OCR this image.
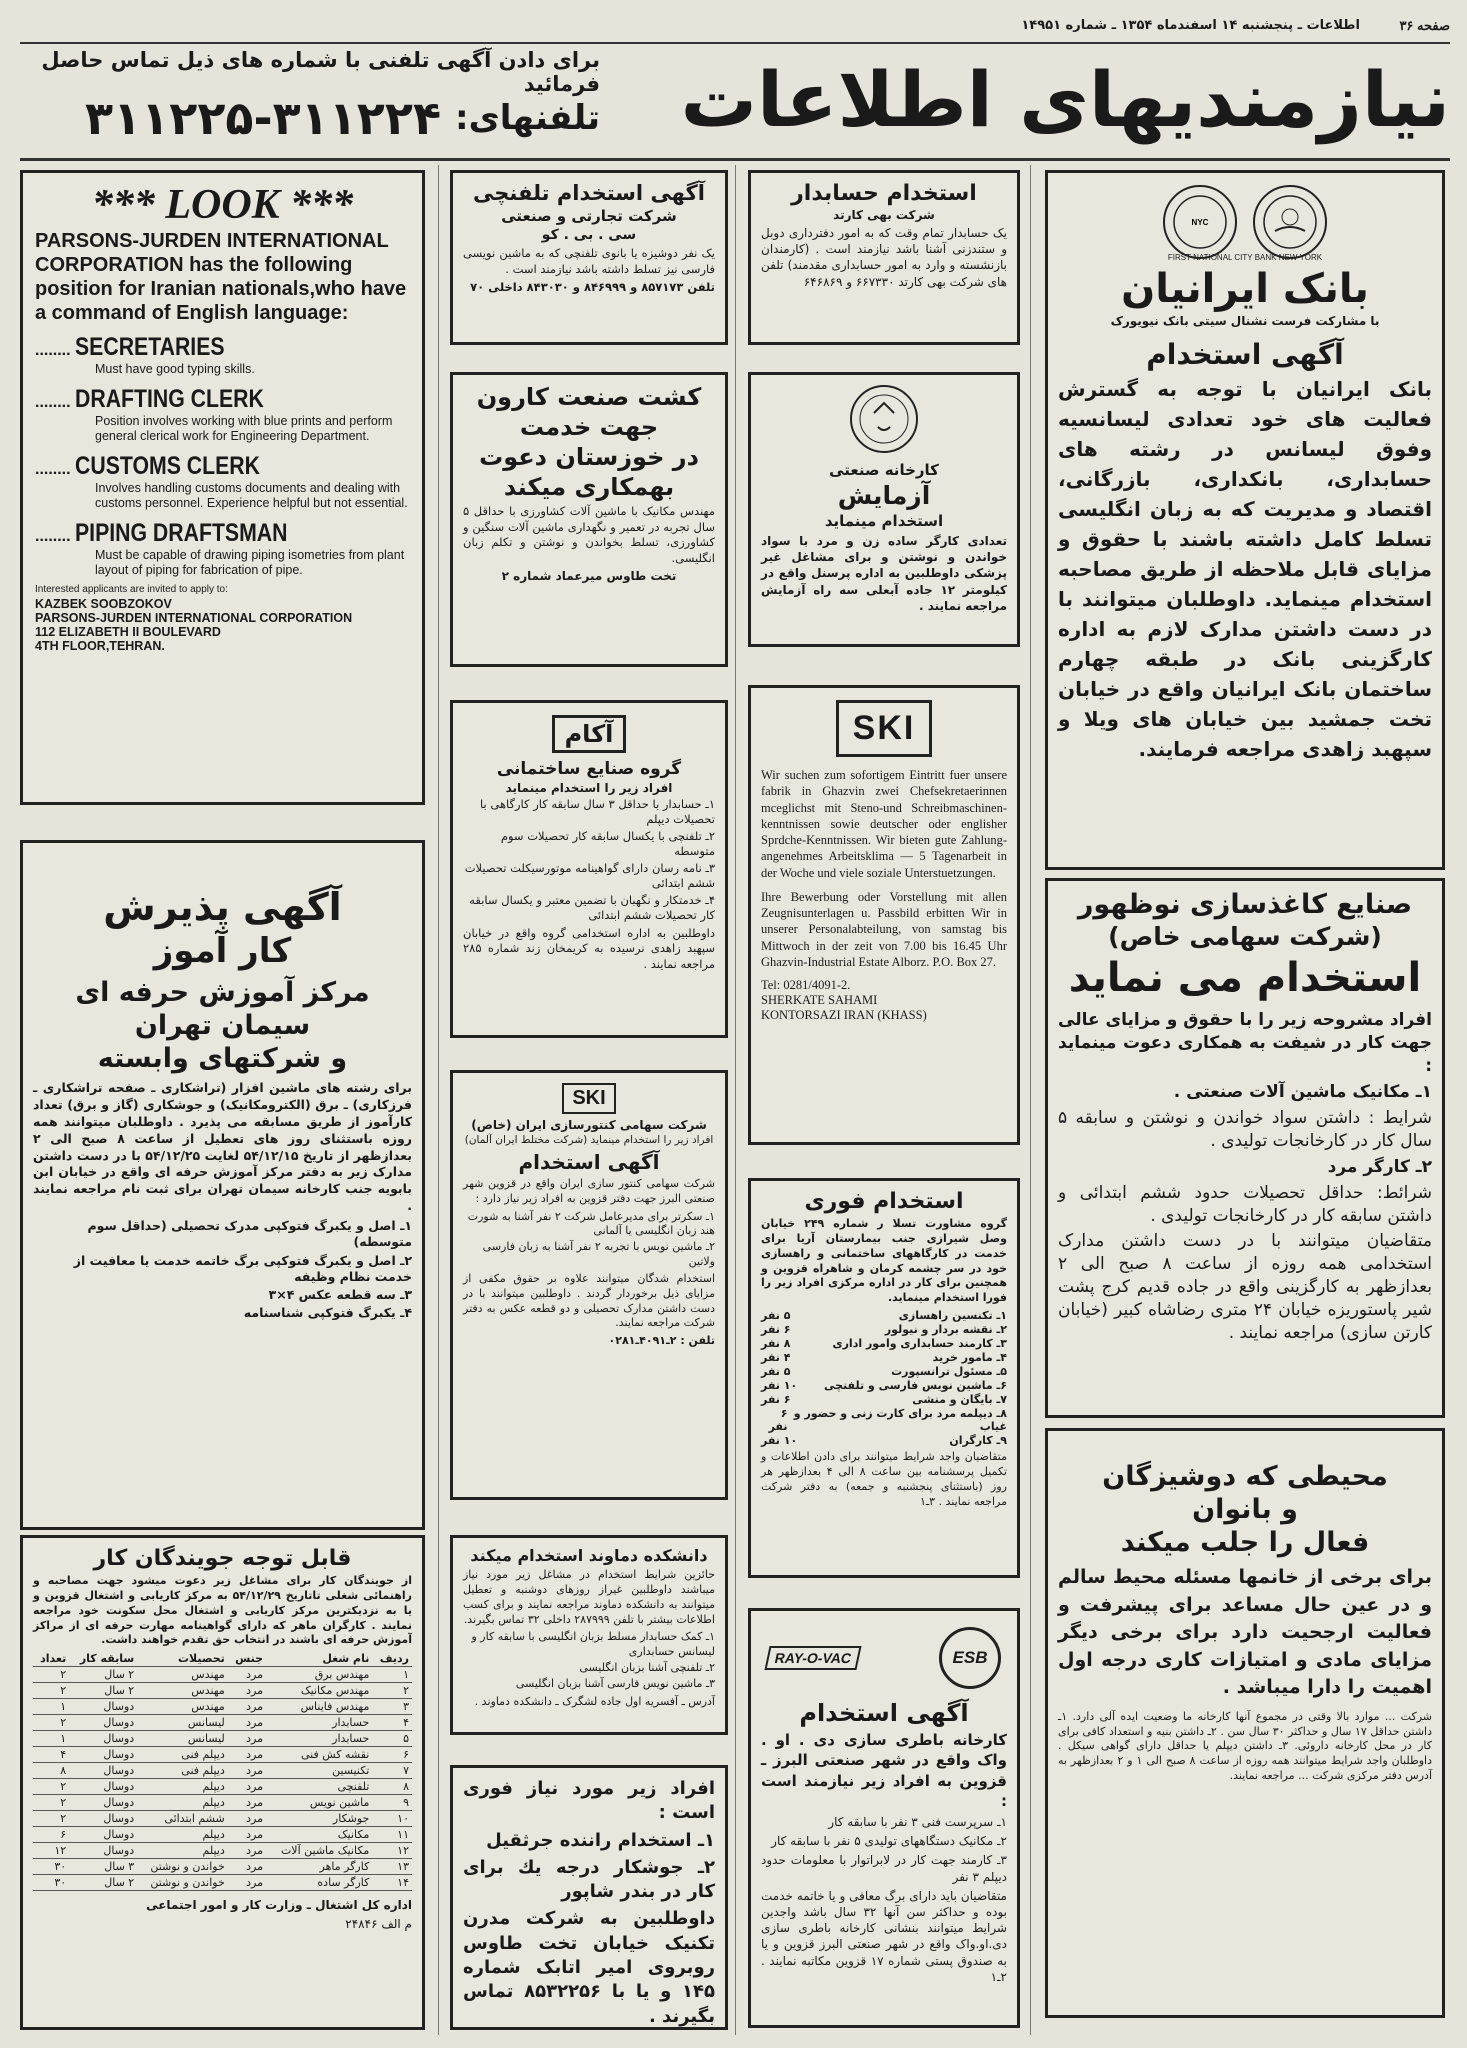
صفحه ۳۶
اطلاعات ـ پنجشنبه ۱۴ اسفندماه ۱۳۵۴ ـ شماره ۱۴۹۵۱
نیازمندیهای اطلاعات
برای دادن آگهی تلفنی با شماره های ذیل تماس حاصل فرمائید
تلفنهای:
۳۱۱۲۲۵-۳۱۱۲۲۴
NYC
FIRST NATIONAL CITY BANK NEW YORK
بانک ایرانیان
با مشارکت فرست نشنال سیتی بانک نیویورک
آگهی استخدام
بانک ایرانیان با توجه به گسترش فعالیت های خود تعدادی لیسانسیه وفوق لیسانس در رشته های حسابداری، بانکداری، بازرگانی، اقتصاد و مدیریت که به زبان انگلیسی تسلط کامل داشته باشند با حقوق و مزایای قابل ملاحظه از طریق مصاحبه استخدام مینماید. داوطلبان میتوانند با در دست داشتن مدارک لازم به اداره کارگزینی بانک در طبقه چهارم ساختمان بانک ایرانیان واقع در خیابان تخت جمشید بین خیابان های ویلا و سپهبد زاهدی مراجعه فرمایند.
صنایع کاغذسازی نوظهور
(شرکت سهامی خاص)
استخدام می نماید
افراد مشروحه زیر را با حقوق و مزایای عالی جهت کار در شیفت به همکاری دعوت مینماید :
۱ـ مکانیک ماشین آلات صنعتی .
شرایط : داشتن سواد خواندن و نوشتن و سابقه ۵ سال کار در کارخانجات تولیدی .
۲ـ کارگر مرد
شرائط: حداقل تحصیلات حدود ششم ابتدائی و داشتن سابقه کار در کارخانجات تولیدی .
متقاضیان میتوانند با در دست داشتن مدارک استخدامی همه روزه از ساعت ۸ صبح الی ۲ بعدازظهر به کارگزینی واقع در جاده قدیم کرج پشت شیر پاستوریزه خیابان ۲۴ متری رضاشاه کبیر (خیابان کارتن سازی) مراجعه نمایند .
محیطی که دوشیزگان
و بانوان
فعال را جلب میکند
برای برخی از خانمها مسئله محیط سالم و در عین حال مساعد برای پیشرفت و فعالیت ارجحیت دارد برای برخی دیگر مزایای مادی و امتیازات کاری درجه اول اهمیت را دارا میباشد .
شرکت ... موارد بالا وقتی در مجموع آنها کارخانه ما وضعیت ایده آلی دارد. ۱ـ داشتن حداقل ۱۷ سال و حداکثر ۳۰ سال سن . ۲ـ داشتن بنیه و استعداد کافی برای کار در محل کارخانه داروئی. ۳ـ داشتن دیپلم یا حداقل دارای گواهی سیکل . داوطلبان واجد شرایط میتوانند همه روزه از ساعت ۸ صبح الی ۱ و ۲ بعدازظهر به آدرس دفتر مرکزی شرکت ... مراجعه نمایند.
استخدام حسابدار
شرکت بهی کارتد
یک حسابدار تمام وقت که به امور دفترداری دوبل و ستندزنی آشنا باشد نیازمند است . (کارمندان بازنشسته و وارد به امور حسابداری مقدمند) تلفن های شرکت بهی کارتد ۶۶۷۳۳۰ و ۶۴۶۸۶۹
کارخانه صنعتی
آزمایش
استخدام مینماید
تعدادی کارگر ساده زن و مرد با سواد خواندن و نوشتن و برای مشاغل غیر پزشکی داوطلبین به اداره پرسنل واقع در کیلومتر ۱۲ جاده آبعلی سه راه آزمایش مراجعه نمایند .
SKI
Wir suchen zum sofortigem Eintritt fuer unsere fabrik in Ghazvin zwei Chefsekretaerinnen mceglichst mit Steno-und Schreibmaschinen-kenntnissen sowie deutscher oder englisher Sprdche-Kenntnissen. Wir bieten gute Zahlung-angenehmes Arbeitsklima — 5 Tagenarbeit in der Woche und viele soziale Unterstuetzungen.
Ihre Bewerbung oder Vorstellung mit allen Zeugnisunterlagen u. Passbild erbitten Wir in unserer Personalabteilung, von samstag bis Mittwoch in der zeit von 7.00 bis 16.45 Uhr Ghazvin-Industrial Estate Alborz. P.O. Box 27.
Tel: 0281/4091-2.
SHERKATE SAHAMI
KONTORSAZI IRAN (KHASS)
استخدام فوری
گروه مشاورت تسلا ر شماره ۲۴۹ خیابان وصل شیرازی جنب بیمارستان آریا برای خدمت در کارگاههای ساختمانی و راهسازی خود در سر چشمه کرمان و شاهراه قزوین و همچنین برای کار در اداره مرکزی افراد زیر را فورا استخدام مینماید.
۱ـ تکنسین راهسازی
۵ نفر
۲ـ نقشه بردار و نیولور
۶ نفر
۳ـ کارمند حسابداری وامور اداری
۸ نفر
۴ـ مامور خرید
۴ نفر
۵ـ مسئول ترانسپورت
۵ نفر
۶ـ ماشین نویس فارسی و تلفنچی
۱۰ نفر
۷ـ بایگان و منشی
۶ نفر
۸ـ دیپلمه مرد برای کارت زنی و حضور و غیاب
۶ نفر
۹ـ کارگران
۱۰ نفر
متقاضیان واجد شرایط میتوانند برای دادن اطلاعات و تکمیل پرسشنامه بین ساعت ۸ الی ۴ بعدازظهر هر روز (باستثنای پنجشنبه و جمعه) به دفتر شرکت مراجعه نمایند . ۳ـ۱
RAY-O-VAC	ESB
آگهی استخدام
کارخانه باطری سازی دی . او . واک واقع در شهر صنعتی البرز ـ قزوین به افراد زیر نیازمند است :
۱ـ سرپرست فنی ۳ نفر با سابقه کار
۲ـ مکانیک دستگاههای تولیدی ۵ نفر با سابقه کار
۳ـ کارمند جهت کار در لابراتوار با معلومات حدود دیپلم ۳ نفر
متقاضیان باید دارای برگ معافی و یا خاتمه خدمت بوده و حداکثر سن آنها ۳۲ سال باشد واجدین شرایط میتوانند بنشانی کارخانه باطری سازی دی.او.واک واقع در شهر صنعتی البرز قزوین و یا به صندوق پستی شماره ۱۷ قزوین مکاتبه نمایند . ۲ـ۱
آگهی استخدام تلفنچی
شرکت تجارتی و صنعتی
سی . بی . کو
یک نفر دوشیزه یا بانوی تلفنچی که به ماشین نویسی فارسی نیز تسلط داشته باشد نیازمند است .
تلفن ۸۵۷۱۷۳ و ۸۴۶۹۹۹ و ۸۴۳۰۳۰ داخلی ۷۰
کشت صنعت کارون
جهت خدمت
در خوزستان دعوت
بهمکاری میکند
مهندس مکانیک با ماشین آلات کشاورزی با حداقل ۵ سال تجربه در تعمیر و نگهداری ماشین آلات سنگین و کشاورزی، تسلط بخواندن و نوشتن و تکلم زبان انگلیسی.
تخت طاوس میرعماد شماره ۲
آکام
گروه صنایع ساختمانی
افراد زیر را استخدام مینماید
۱ـ حسابدار با حداقل ۳ سال سابقه کار کارگاهی با تحصیلات دیپلم
۲ـ تلفنچی با یکسال سابقه کار تحصیلات سوم متوسطه
۳ـ نامه رسان دارای گواهینامه موتورسیکلت تحصیلات ششم ابتدائی
۴ـ خدمتکار و نگهبان با تضمین معتبر و یکسال سابقه کار تحصیلات ششم ابتدائی
داوطلبین به اداره استخدامی گروه واقع در خیابان سپهبد زاهدی نرسیده به کریمخان زند شماره ۲۸۵ مراجعه نمایند .
SKI
شرکت سهامی کنتورسازی ایران (خاص)
(شرکت مختلط ایران آلمان) افراد زیر را استخدام مینماید
آگهی استخدام
شرکت سهامی کنتور سازی ایران واقع در قزوین شهر صنعتی البرز جهت دفتر قزوین به افراد زیر نیاز دارد :
۱ـ سکرتر برای مدیرعامل شرکت ۲ نفر آشنا به شورت هند زبان انگلیسی یا آلمانی
۲ـ ماشین نویس با تجربه ۲ نفر آشنا به زبان فارسی ولاتین
استخدام شدگان میتوانند علاوه بر حقوق مکفی از مزایای ذیل برخوردار گردند . داوطلبین میتوانند با در دست داشتن مدارک تحصیلی و دو قطعه عکس به دفتر شرکت مراجعه نمایند.
تلفن : ۲ـ۴۰۹۱ـ۰۲۸۱
دانشکده دماوند استخدام میکند
حائزین شرایط استخدام در مشاغل زیر مورد نیاز میباشند داوطلبین غیراز روزهای دوشنبه و تعطیل میتوانند به دانشکده دماوند مراجعه نمایند و برای کسب اطلاعات بیشتر با تلفن ۲۸۷۹۹۹ داخلی ۳۲ تماس بگیرند.
۱ـ کمک حسابدار مسلط بزبان انگلیسی با سابقه کار و لیسانس حسابداری
۲ـ تلفنچی آشنا بزبان انگلیسی
۳ـ ماشین نویس فارسی آشنا بزبان انگلیسی
آدرس ـ آفسریه اول جاده لشگرک ـ دانشکده دماوند .
افراد زیر مورد نیاز فوری است :
۱ـ استخدام راننده جرثقیل
۲ـ جوشکار درجه یك برای کار در بندر شاپور
داوطلبین به شرکت مدرن تکنیک خیابان تخت طاوس روبروی امیر اتابک شماره ۱۴۵ و یا با ۸۵۳۲۲۵۶ تماس بگیرند .
*** LOOK ***
PARSONS-JURDEN INTERNATIONAL CORPORATION has the following position for Iranian nationals,who have a command of English language:
........ SECRETARIES
Must have good typing skills.
........ DRAFTING CLERK
Position involves working with blue prints and perform general clerical work for Engineering Department.
........ CUSTOMS CLERK
Involves handling customs documents and dealing with customs personnel. Experience helpful but not essential.
........ PIPING DRAFTSMAN
Must be capable of drawing piping isometries from plant layout of piping for fabrication of pipe.
Interested applicants are invited to apply to:
KAZBEK SOOBZOKOV
PARSONS-JURDEN INTERNATIONAL CORPORATION
112 ELIZABETH II BOULEVARD
4TH FLOOR,TEHRAN.
آگهی پذیرش
کار آموز
مرکز آموزش حرفه ای
سیمان تهران
و شرکتهای وابسته
برای رشته های ماشین افزار (تراشکاری ـ صفحه تراشکاری ـ فرزکاری) ـ برق (الکترومکانیک) و جوشکاری (گاز و برق) تعداد کارآموز از طریق مسابقه می پذیرد . داوطلبان میتوانند همه روزه باستثنای روز های تعطیل از ساعت ۸ صبح الی ۲ بعدازظهر از تاریخ ۵۴/۱۲/۱۵ لغایت ۵۴/۱۲/۲۵ با در دست داشتن مدارک زیر به دفتر مرکز آموزش حرفه ای واقع در خیابان ابن بابویه جنب کارخانه سیمان تهران برای ثبت نام مراجعه نمایند .
۱ـ اصل و یکبرگ فتوکپی مدرک تحصیلی (حداقل سوم متوسطه)
۲ـ اصل و یکبرگ فتوکپی برگ خاتمه خدمت یا معافیت از خدمت نظام وظیفه
۳ـ سه قطعه عکس ۴×۳
۴ـ یکبرگ فتوکپی شناسنامه
قابل توجه جویندگان کار
از جویندگان کار برای مشاغل زیر دعوت میشود جهت مصاحبه و راهنمائی شغلی تاتاریخ ۵۴/۱۲/۲۹ به مرکز کاریابی و اشتغال قزوین و یا به نزدیکترین مرکز کاریابی و اشتغال محل سکونت خود مراجعه نمایند . کارگران ماهر که دارای گواهینامه مهارت حرفه ای از مراکز آموزش حرفه ای باشند در انتخاب حق تقدم خواهند داشت.
ردیف	نام شغل	جنس	تحصیلات	سابقه کار	تعداد
۱	مهندس برق	مرد	مهندس	۲ سال	۲
۲	مهندس مکانیک	مرد	مهندس	۲ سال	۲
۳	مهندس فایناس	مرد	مهندس	دوسال	۱
۴	حسابدار	مرد	لیسانس	دوسال	۲
۵	حسابدار	مرد	لیسانس	دوسال	۱
۶	نقشه کش فنی	مرد	دیپلم فنی	دوسال	۴
۷	تکنیسین	مرد	دیپلم فنی	دوسال	۸
۸	تلفنچی	مرد	دیپلم	دوسال	۲
۹	ماشین نویس	مرد	دیپلم	دوسال	۲
۱۰	جوشکار	مرد	ششم ابتدائی	دوسال	۲
۱۱	مکانیک	مرد	دیپلم	دوسال	۶
۱۲	مکانیک ماشین آلات	مرد	دیپلم	دوسال	۱۲
۱۳	کارگر ماهر	مرد	خواندن و نوشتن	۳ سال	۳۰
۱۴	کارگر ساده	مرد	خواندن و نوشتن	۲ سال	۳۰
اداره کل اشتغال ـ وزارت کار و امور اجتماعی
م الف ۲۴۸۴۶
